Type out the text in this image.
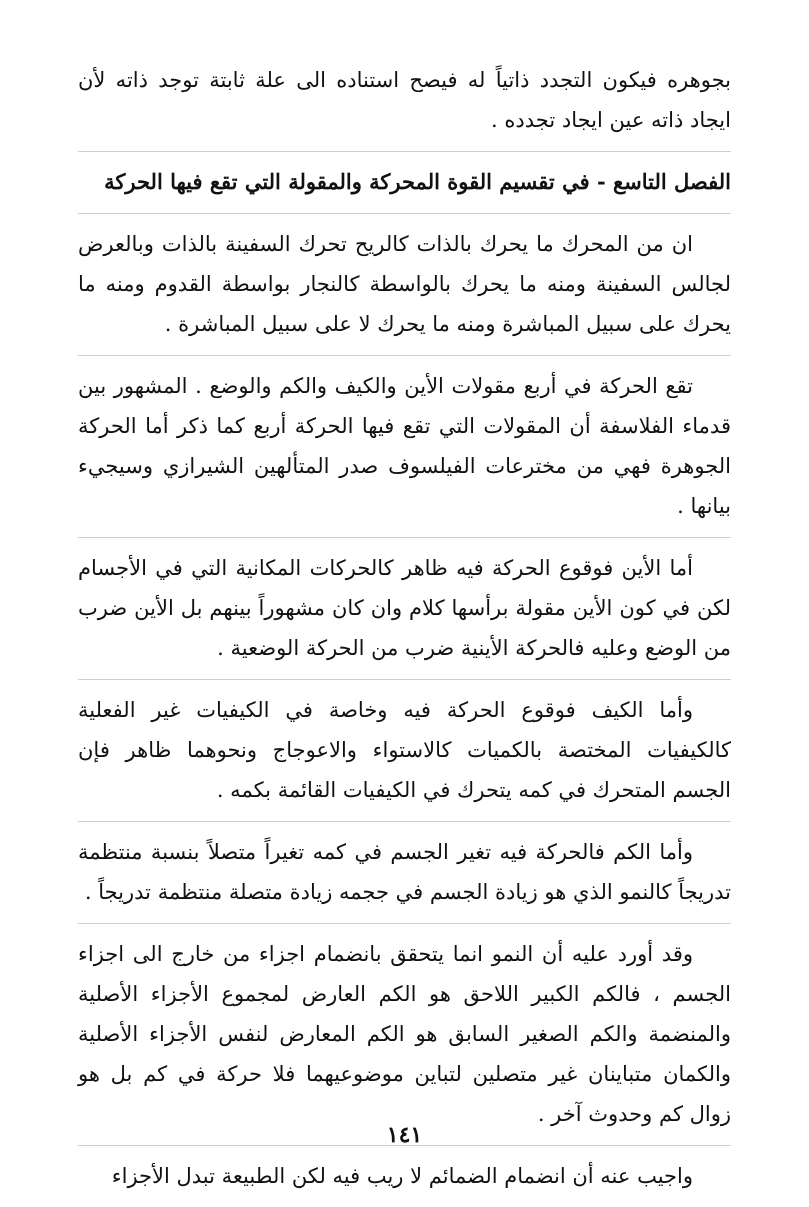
بجوهره فيكون التجدد ذاتياً له فيصح استناده الى علة ثابتة توجد ذاته لأن ايجاد ذاته عين ايجاد تجدده .

الفصل التاسع - في تقسيم القوة المحركة والمقولة التي تقع فيها الحركة

ان من المحرك ما يحرك بالذات كالريح تحرك السفينة بالذات وبالعرض لجالس السفينة ومنه ما يحرك بالواسطة كالنجار بواسطة القدوم ومنه ما يحرك على سبيل المباشرة ومنه ما يحرك لا على سبيل المباشرة .

تقع الحركة في أربع مقولات الأين والكيف والكم والوضع . المشهور بين قدماء الفلاسفة أن المقولات التي تقع فيها الحركة أربع كما ذكر أما الحركة الجوهرة فهي من مخترعات الفيلسوف صدر المتألهين الشيرازي وسيجيء بيانها .

أما الأين فوقوع الحركة فيه ظاهر كالحركات المكانية التي في الأجسام لكن في كون الأين مقولة برأسها كلام وان كان مشهوراً بينهم بل الأين ضرب من الوضع وعليه فالحركة الأينية ضرب من الحركة الوضعية .

وأما الكيف فوقوع الحركة فيه وخاصة في الكيفيات غير الفعلية كالكيفيات المختصة بالكميات كالاستواء والاعوجاج ونحوهما ظاهر فإن الجسم المتحرك في كمه يتحرك في الكيفيات القائمة بكمه .

وأما الكم فالحركة فيه تغير الجسم في كمه تغيراً متصلاً بنسبة منتظمة تدريجاً كالنمو الذي هو زيادة الجسم في ججمه زيادة متصلة منتظمة تدريجاً .

وقد أورد عليه أن النمو انما يتحقق بانضمام اجزاء من خارج الى اجزاء الجسم ، فالكم الكبير اللاحق هو الكم العارض لمجموع الأجزاء الأصلية والمنضمة والكم الصغير السابق هو الكم المعارض لنفس الأجزاء الأصلية والكمان متباينان غير متصلين لتباين موضوعيهما فلا حركة في كم بل هو زوال كم وحدوث آخر .

واجيب عنه أن انضمام الضمائم لا ريب فيه لكن الطبيعة تبدل الأجزاء

١٤١
